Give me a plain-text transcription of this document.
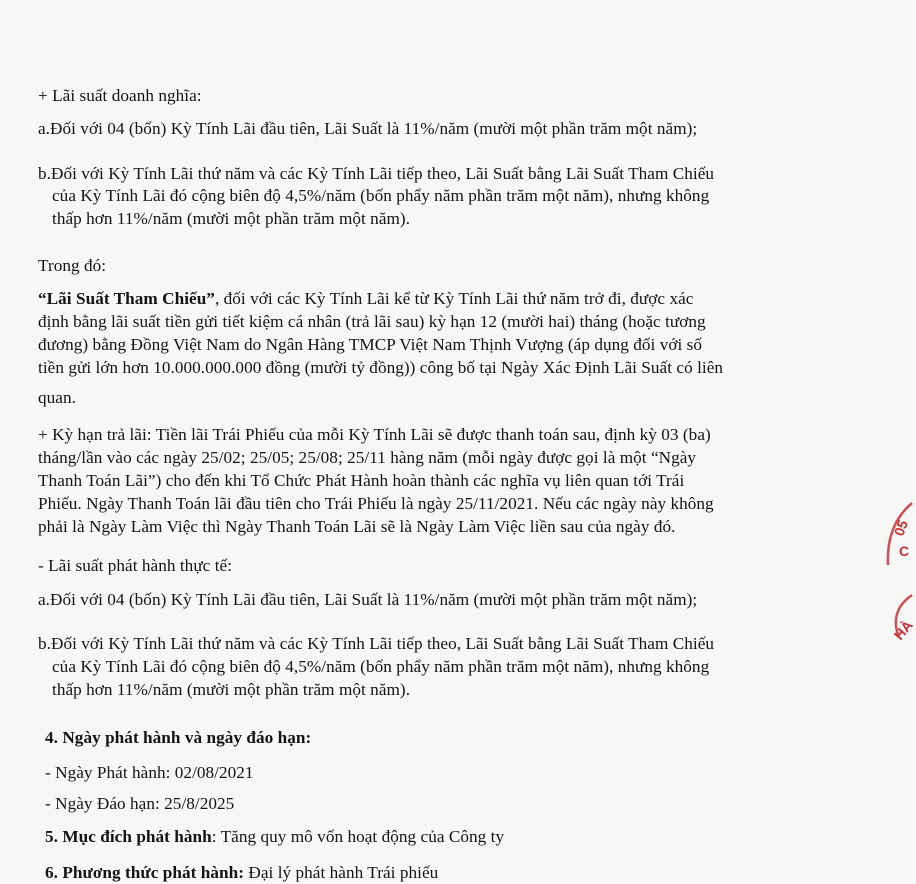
+ Lãi suất doanh nghĩa:
a.Đối với 04 (bốn) Kỳ Tính Lãi đầu tiên, Lãi Suất là 11%/năm (mười một phần trăm một năm);
b.Đối với Kỳ Tính Lãi thứ năm và các Kỳ Tính Lãi tiếp theo, Lãi Suất bằng Lãi Suất Tham Chiếu
của Kỳ Tính Lãi đó cộng biên độ 4,5%/năm (bốn phẩy năm phần trăm một năm), nhưng không
thấp hơn 11%/năm (mười một phần trăm một năm).
Trong đó:
“Lãi Suất Tham Chiếu”, đối với các Kỳ Tính Lãi kể từ Kỳ Tính Lãi thứ năm trở đi, được xác
định bằng lãi suất tiền gửi tiết kiệm cá nhân (trả lãi sau) kỳ hạn 12 (mười hai) tháng (hoặc tương
đương) bằng Đồng Việt Nam do Ngân Hàng TMCP Việt Nam Thịnh Vượng (áp dụng đối với số
tiền gửi lớn hơn 10.000.000.000 đồng (mười tỷ đồng)) công bố tại Ngày Xác Định Lãi Suất có liên
quan.
+ Kỳ hạn trả lãi: Tiền lãi Trái Phiếu của mỗi Kỳ Tính Lãi sẽ được thanh toán sau, định kỳ 03 (ba)
tháng/lần vào các ngày 25/02; 25/05; 25/08; 25/11 hàng năm (mỗi ngày được gọi là một “Ngày
Thanh Toán Lãi”) cho đến khi Tổ Chức Phát Hành hoàn thành các nghĩa vụ liên quan tới Trái
Phiếu. Ngày Thanh Toán lãi đầu tiên cho Trái Phiếu là ngày 25/11/2021. Nếu các ngày này không
phải là Ngày Làm Việc thì Ngày Thanh Toán Lãi sẽ là Ngày Làm Việc liền sau của ngày đó.
- Lãi suất phát hành thực tế:
a.Đối với 04 (bốn) Kỳ Tính Lãi đầu tiên, Lãi Suất là 11%/năm (mười một phần trăm một năm);
b.Đối với Kỳ Tính Lãi thứ năm và các Kỳ Tính Lãi tiếp theo, Lãi Suất bằng Lãi Suất Tham Chiếu
của Kỳ Tính Lãi đó cộng biên độ 4,5%/năm (bốn phẩy năm phần trăm một năm), nhưng không
thấp hơn 11%/năm (mười một phần trăm một năm).
4. Ngày phát hành và ngày đáo hạn:
- Ngày Phát hành: 02/08/2021
- Ngày Đáo hạn: 25/8/2025
5. Mục đích phát hành: Tăng quy mô vốn hoạt động của Công ty
6. Phương thức phát hành: Đại lý phát hành Trái phiếu
05
C
HÀ
